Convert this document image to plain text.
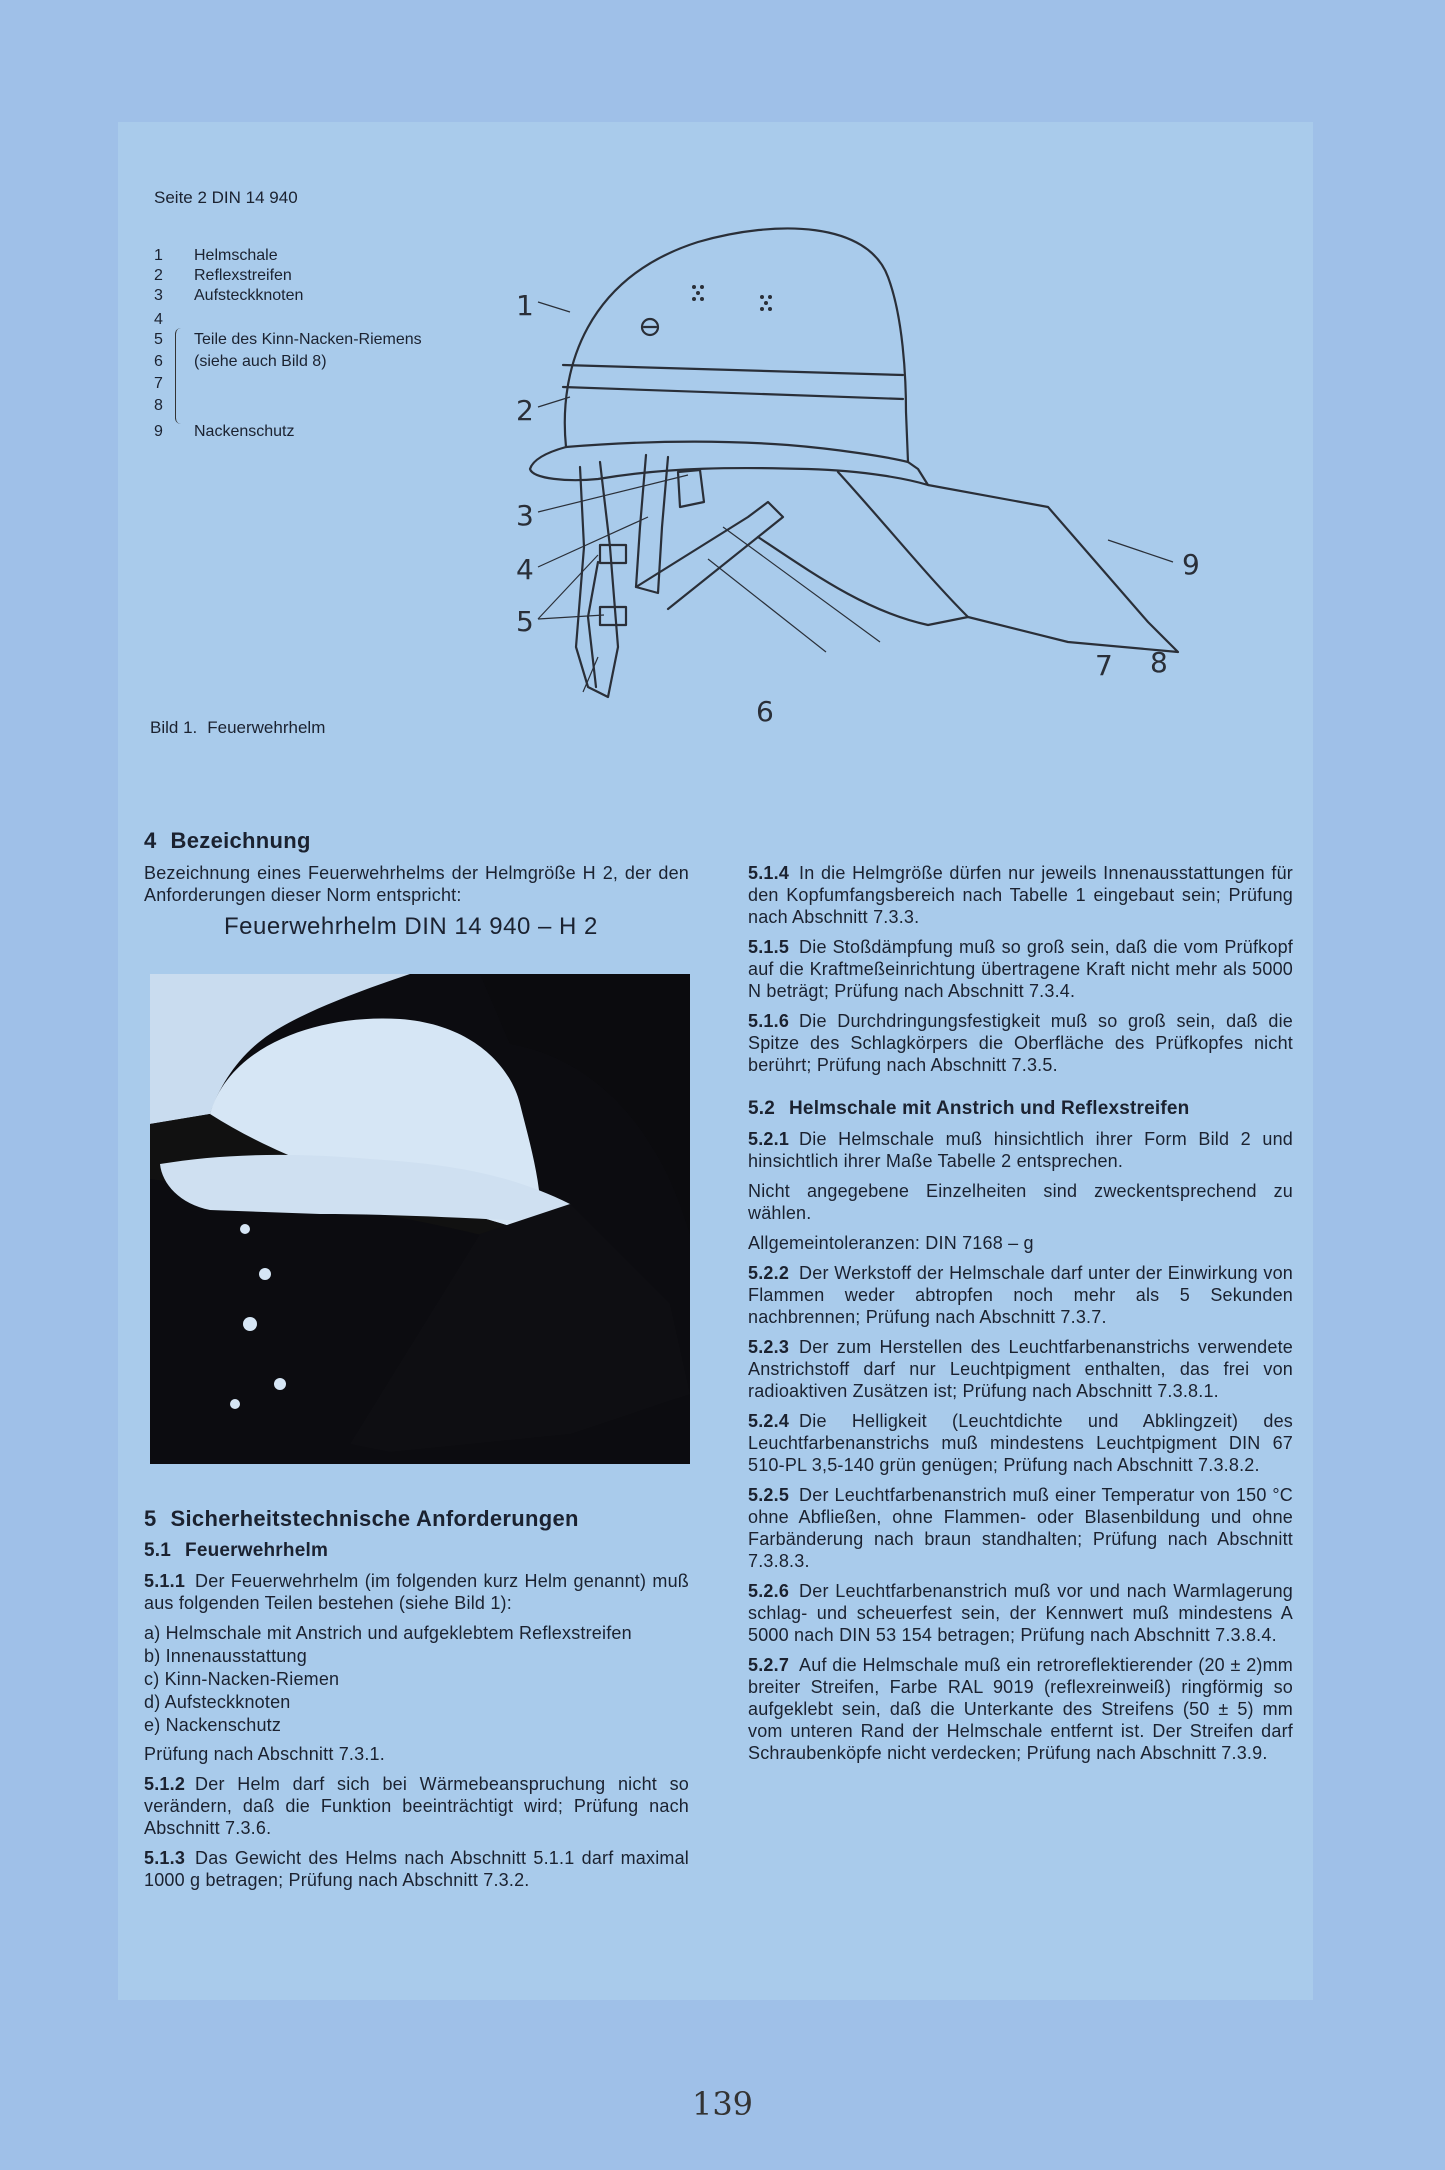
Seite 2 DIN 14 940
1 Helmschale
2 Reflexstreifen
3 Aufsteckknoten
4
5 Teile des Kinn-Nacken-Riemens
6 (siehe auch Bild 8)
7
8
9 Nackenschutz
1
2
3
4
5
6
7 8
9
Bild 1. Feuerwehrhelm
4 Bezeichnung

Bezeichnung eines Feuerwehrhelms der Helmgröße H 2, der den Anforderungen dieser Norm entspricht:

Feuerwehrhelm DIN 14 940 – H 2
5 Sicherheitstechnische Anforderungen
5.1 Feuerwehrhelm

5.1.1 Der Feuerwehrhelm (im folgenden kurz Helm genannt) muß aus folgenden Teilen bestehen (siehe Bild 1):

a) Helmschale mit Anstrich und aufgeklebtem Reflexstreifen
b) Innenausstattung
c) Kinn-Nacken-Riemen
d) Aufsteckknoten
e) Nackenschutz

Prüfung nach Abschnitt 7.3.1.

5.1.2 Der Helm darf sich bei Wärmebeanspruchung nicht so verändern, daß die Funktion beeinträchtigt wird; Prüfung nach Abschnitt 7.3.6.

5.1.3 Das Gewicht des Helms nach Abschnitt 5.1.1 darf maximal 1000 g betragen; Prüfung nach Abschnitt 7.3.2.

5.1.4 In die Helmgröße dürfen nur jeweils Innenausstattungen für den Kopfumfangsbereich nach Tabelle 1 eingebaut sein; Prüfung nach Abschnitt 7.3.3.

5.1.5 Die Stoßdämpfung muß so groß sein, daß die vom Prüfkopf auf die Kraftmeßeinrichtung übertragene Kraft nicht mehr als 5000 N beträgt; Prüfung nach Abschnitt 7.3.4.

5.1.6 Die Durchdringungsfestigkeit muß so groß sein, daß die Spitze des Schlagkörpers die Oberfläche des Prüfkopfes nicht berührt; Prüfung nach Abschnitt 7.3.5.

5.2 Helmschale mit Anstrich und Reflexstreifen

5.2.1 Die Helmschale muß hinsichtlich ihrer Form Bild 2 und hinsichtlich ihrer Maße Tabelle 2 entsprechen.

Nicht angegebene Einzelheiten sind zweckentsprechend zu wählen.

Allgemeintoleranzen: DIN 7168 – g

5.2.2 Der Werkstoff der Helmschale darf unter der Einwirkung von Flammen weder abtropfen noch mehr als 5 Sekunden nachbrennen; Prüfung nach Abschnitt 7.3.7.

5.2.3 Der zum Herstellen des Leuchtfarbenanstrichs verwendete Anstrichstoff darf nur Leuchtpigment enthalten, das frei von radioaktiven Zusätzen ist; Prüfung nach Abschnitt 7.3.8.1.

5.2.4 Die Helligkeit (Leuchtdichte und Abklingzeit) des Leuchtfarbenanstrichs muß mindestens Leuchtpigment DIN 67 510-PL 3,5-140 grün genügen; Prüfung nach Abschnitt 7.3.8.2.

5.2.5 Der Leuchtfarbenanstrich muß einer Temperatur von 150 °C ohne Abfließen, ohne Flammen- oder Blasenbildung und ohne Farbänderung nach braun standhalten; Prüfung nach Abschnitt 7.3.8.3.

5.2.6 Der Leuchtfarbenanstrich muß vor und nach Warmlagerung schlag- und scheuerfest sein, der Kennwert muß mindestens A 5000 nach DIN 53 154 betragen; Prüfung nach Abschnitt 7.3.8.4.

5.2.7 Auf die Helmschale muß ein retroreflektierender (20 ± 2)mm breiter Streifen, Farbe RAL 9019 (reflexreinweiß) ringförmig so aufgeklebt sein, daß die Unterkante des Streifens (50 ± 5) mm vom unteren Rand der Helmschale entfernt ist. Der Streifen darf Schraubenköpfe nicht verdecken; Prüfung nach Abschnitt 7.3.9.

139
